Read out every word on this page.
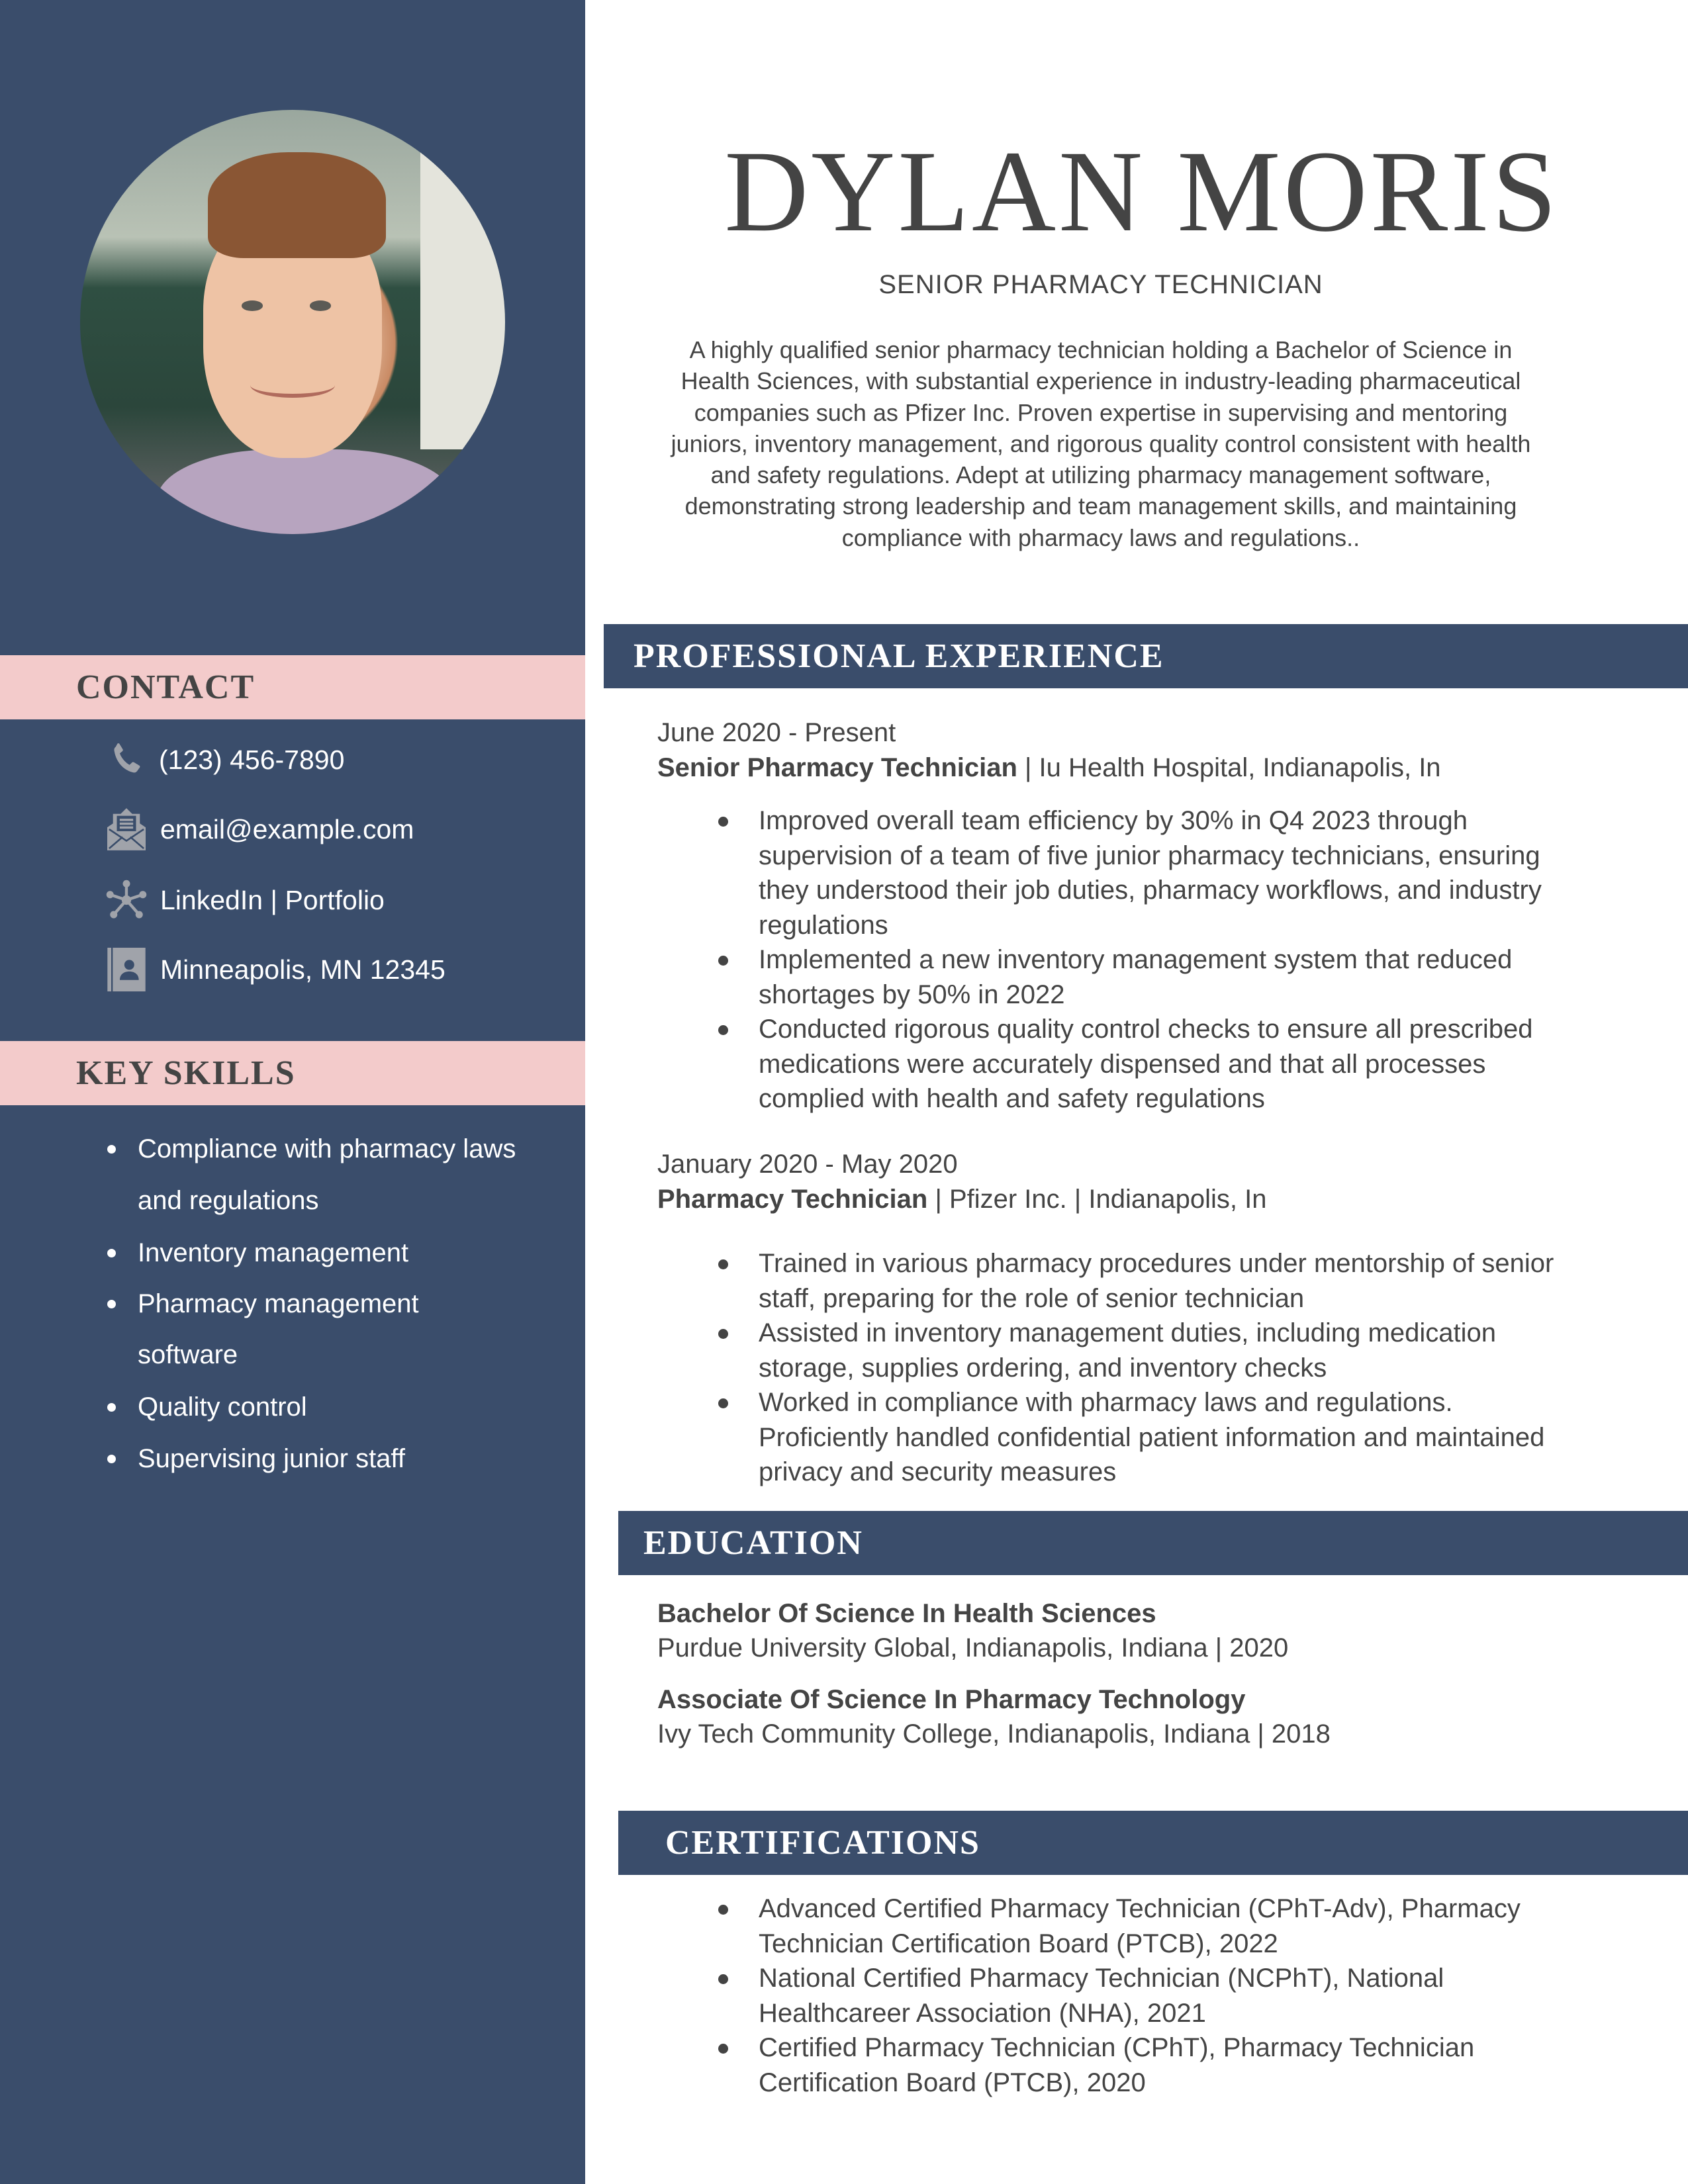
CONTACT
(123) 456-7890
email@example.com
LinkedIn | Portfolio
Minneapolis, MN 12345
KEY SKILLS
Compliance with pharmacy laws
and regulations
Inventory management
Pharmacy management
software
Quality control
Supervising junior staff
DYLAN MORIS
SENIOR PHARMACY TECHNICIAN
A highly qualified senior pharmacy technician holding a Bachelor of Science in Health Sciences, with substantial experience in industry-leading pharmaceutical companies such as Pfizer Inc. Proven expertise in supervising and mentoring juniors, inventory management, and rigorous quality control consistent with health and safety regulations. Adept at utilizing pharmacy management software, demonstrating strong leadership and team management skills, and maintaining compliance with pharmacy laws and regulations..
PROFESSIONAL EXPERIENCE
June 2020 - Present
Senior Pharmacy Technician | Iu Health Hospital, Indianapolis, In
Improved overall team efficiency by 30% in Q4 2023 through supervision of a team of five junior pharmacy technicians, ensuring they understood their job duties, pharmacy workflows, and industry regulations
Implemented a new inventory management system that reduced shortages by 50% in 2022
Conducted rigorous quality control checks to ensure all prescribed medications were accurately dispensed and that all processes complied with health and safety regulations
January 2020 - May 2020
Pharmacy Technician | Pfizer Inc. | Indianapolis, In
Trained in various pharmacy procedures under mentorship of senior staff, preparing for the role of senior technician
Assisted in inventory management duties, including medication storage, supplies ordering, and inventory checks
Worked in compliance with pharmacy laws and regulations. Proficiently handled confidential patient information and maintained privacy and security measures
EDUCATION
Bachelor Of Science In Health Sciences
Purdue University Global, Indianapolis, Indiana | 2020
Associate Of Science In Pharmacy Technology
Ivy Tech Community College, Indianapolis, Indiana | 2018
CERTIFICATIONS
Advanced Certified Pharmacy Technician (CPhT-Adv), Pharmacy Technician Certification Board (PTCB), 2022
National Certified Pharmacy Technician (NCPhT), National Healthcareer Association (NHA), 2021
Certified Pharmacy Technician (CPhT), Pharmacy Technician Certification Board (PTCB), 2020
